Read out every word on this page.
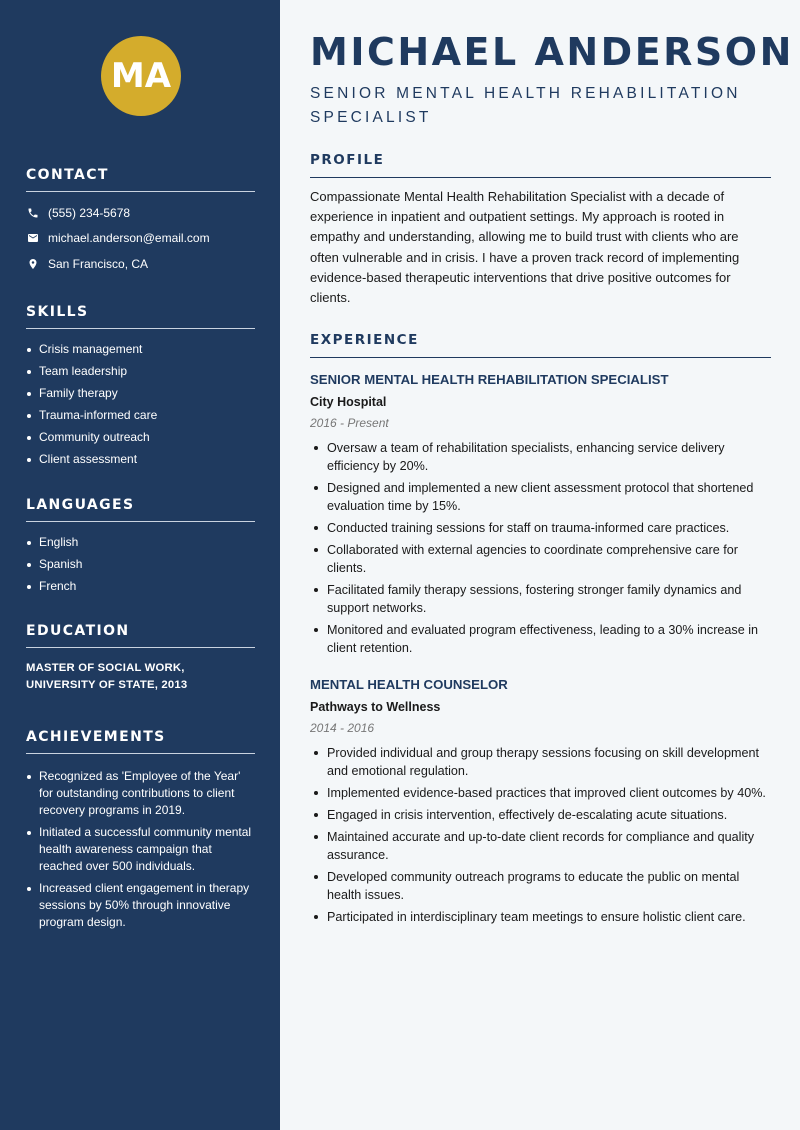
MA
CONTACT
(555) 234-5678
michael.anderson@email.com
San Francisco, CA
SKILLS
Crisis management
Team leadership
Family therapy
Trauma-informed care
Community outreach
Client assessment
LANGUAGES
English
Spanish
French
EDUCATION
MASTER OF SOCIAL WORK, UNIVERSITY OF STATE, 2013
ACHIEVEMENTS
Recognized as 'Employee of the Year' for outstanding contributions to client recovery programs in 2019.
Initiated a successful community mental health awareness campaign that reached over 500 individuals.
Increased client engagement in therapy sessions by 50% through innovative program design.
MICHAEL ANDERSON
SENIOR MENTAL HEALTH REHABILITATION SPECIALIST
PROFILE
Compassionate Mental Health Rehabilitation Specialist with a decade of experience in inpatient and outpatient settings. My approach is rooted in empathy and understanding, allowing me to build trust with clients who are often vulnerable and in crisis. I have a proven track record of implementing evidence-based therapeutic interventions that drive positive outcomes for clients.
EXPERIENCE
SENIOR MENTAL HEALTH REHABILITATION SPECIALIST
City Hospital
2016 - Present
Oversaw a team of rehabilitation specialists, enhancing service delivery efficiency by 20%.
Designed and implemented a new client assessment protocol that shortened evaluation time by 15%.
Conducted training sessions for staff on trauma-informed care practices.
Collaborated with external agencies to coordinate comprehensive care for clients.
Facilitated family therapy sessions, fostering stronger family dynamics and support networks.
Monitored and evaluated program effectiveness, leading to a 30% increase in client retention.
MENTAL HEALTH COUNSELOR
Pathways to Wellness
2014 - 2016
Provided individual and group therapy sessions focusing on skill development and emotional regulation.
Implemented evidence-based practices that improved client outcomes by 40%.
Engaged in crisis intervention, effectively de-escalating acute situations.
Maintained accurate and up-to-date client records for compliance and quality assurance.
Developed community outreach programs to educate the public on mental health issues.
Participated in interdisciplinary team meetings to ensure holistic client care.
